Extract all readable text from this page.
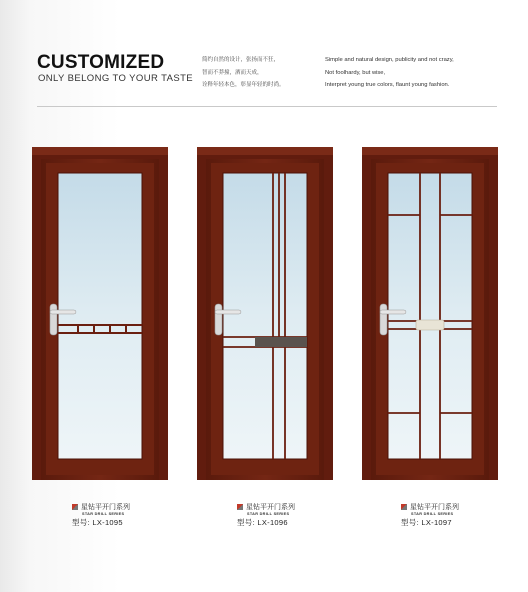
CUSTOMIZED
ONLY BELONG TO YOUR TASTE
简约自然的设计，张扬而不狂，
智而不莽撞，洒而天成，
诠释年轻本色，彰显年轻的时尚。
Simple and natural design, publicity and not crazy,
Not foolhardy, but wise,
Interpret young true colors, flaunt young fashion.
星钻平开门系列
STAR DRILL SERIES
型号: LX-1095
星钻平开门系列
STAR DRILL SERIES
型号: LX-1096
星钻平开门系列
STAR DRILL SERIES
型号: LX-1097
